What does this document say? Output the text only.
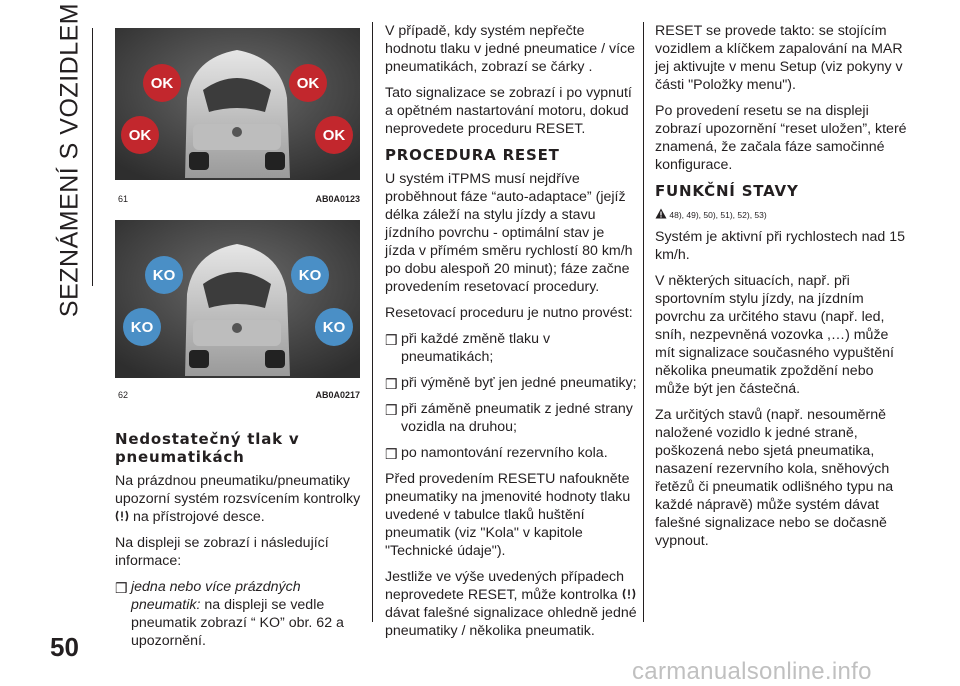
SEZNÁMENÍ S VOZIDLEM
50
OK	OK
OK	OK
61	AB0A0123
KO	KO
KO	KO
62	AB0A0217
Nedostatečný tlak v pneumatikách

Na prázdnou pneumatiku/pneumatiky upozorní systém rozsvícením kontrolky  na přístrojové desce.

Na displeji se zobrazí i následující informace:

❒ jedna nebo více prázdných pneumatik: na displeji se vedle pneumatik zobrazí “ KO” obr. 62 a upozornění.

V případě, kdy systém nepřečte hodnotu tlaku v jedné pneumatice / více pneumatikách, zobrazí se čárky .

Tato signalizace se zobrazí i po vypnutí a opětném nastartování motoru, dokud neprovedete proceduru RESET.

PROCEDURA RESET

U systém iTPMS musí nejdříve proběhnout fáze “auto-adaptace” (jejíž délka záleží na stylu jízdy a stavu jízdního povrchu - optimální stav je jízda v přímém směru rychlostí 80 km/h po dobu alespoň 20 minut); fáze začne provedením resetovací procedury.

Resetovací proceduru je nutno provést:

❒ při každé změně tlaku v pneumatikách;
❒ při výměně byť jen jedné pneumatiky;
❒ při záměně pneumatik z jedné strany vozidla na druhou;
❒ po namontování rezervního kola.

Před provedením RESETU nafoukněte pneumatiky na jmenovité hodnoty tlaku uvedené v tabulce tlaků huštění pneumatik (viz "Kola" v kapitole "Technické údaje").

Jestliže ve výše uvedených případech neprovedete RESET, může kontrolka  dávat falešné signalizace ohledně jedné pneumatiky / několika pneumatik.

RESET se provede takto: se stojícím vozidlem a klíčkem zapalování na MAR jej aktivujte v menu Setup (viz pokyny v části "Položky menu").

Po provedení resetu se na displeji zobrazí upozornění “reset uložen”, které znamená, že začala fáze samočinné konfigurace.

FUNKČNÍ STAVY
48), 49), 50), 51), 52), 53)

Systém je aktivní při rychlostech nad 15 km/h.

V některých situacích, např. při sportovním stylu jízdy, na jízdním povrchu za určitého stavu (např. led, sníh, nezpevněná vozovka ,…) může mít signalizace současného vypuštění několika pneumatik zpoždění nebo může být jen částečná.

Za určitých stavů (např. nesouměrně naložené vozidlo k jedné straně, poškozená nebo sjetá pneumatika, nasazení rezervního kola, sněhových řetězů či pneumatik odlišného typu na každé nápravě) může systém dávat falešné signalizace nebo se dočasně vypnout.

carmanualsonline.info
